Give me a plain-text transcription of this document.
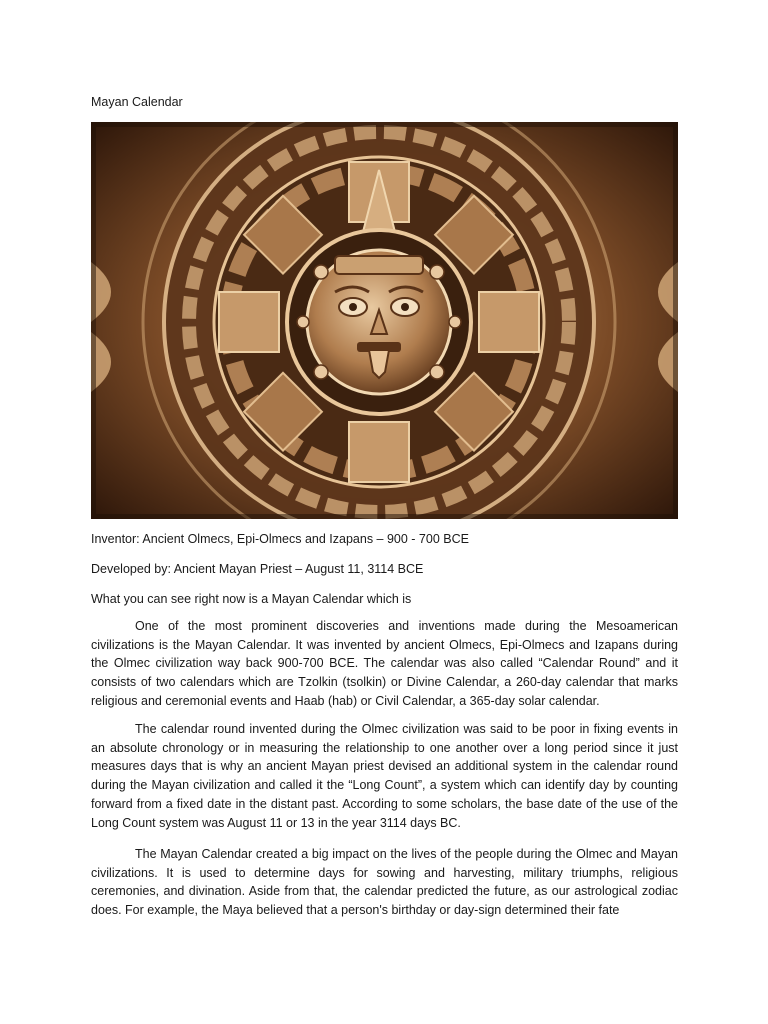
Mayan Calendar
Inventor: Ancient Olmecs, Epi-Olmecs and Izapans – 900 - 700 BCE
Developed by: Ancient Mayan Priest – August 11, 3114 BCE
What you can see right now is a Mayan Calendar which is

One of the most prominent discoveries and inventions made during the Mesoamerican civilizations is the Mayan Calendar. It was invented by ancient Olmecs, Epi-Olmecs and Izapans during the Olmec civilization way back 900-700 BCE. The calendar was also called “Calendar Round” and it consists of two calendars which are Tzolkin (tsolkin) or Divine Calendar, a 260-day calendar that marks religious and ceremonial events and Haab (hab) or Civil Calendar, a 365-day solar calendar.

The calendar round invented during the Olmec civilization was said to be poor in fixing events in an absolute chronology or in measuring the relationship to one another over a long period since it just measures days that is why an ancient Mayan priest devised an additional system in the calendar round during the Mayan civilization and called it the “Long Count”, a system which can identify day by counting forward from a fixed date in the distant past. According to some scholars, the base date of the use of the Long Count system was August 11 or 13 in the year 3114 days BC.

The Mayan Calendar created a big impact on the lives of the people during the Olmec and Mayan civilizations. It is used to determine days for sowing and harvesting, military triumphs, religious ceremonies, and divination. Aside from that, the calendar predicted the future, as our astrological zodiac does. For example, the Maya believed that a person's birthday or day-sign determined their fate
